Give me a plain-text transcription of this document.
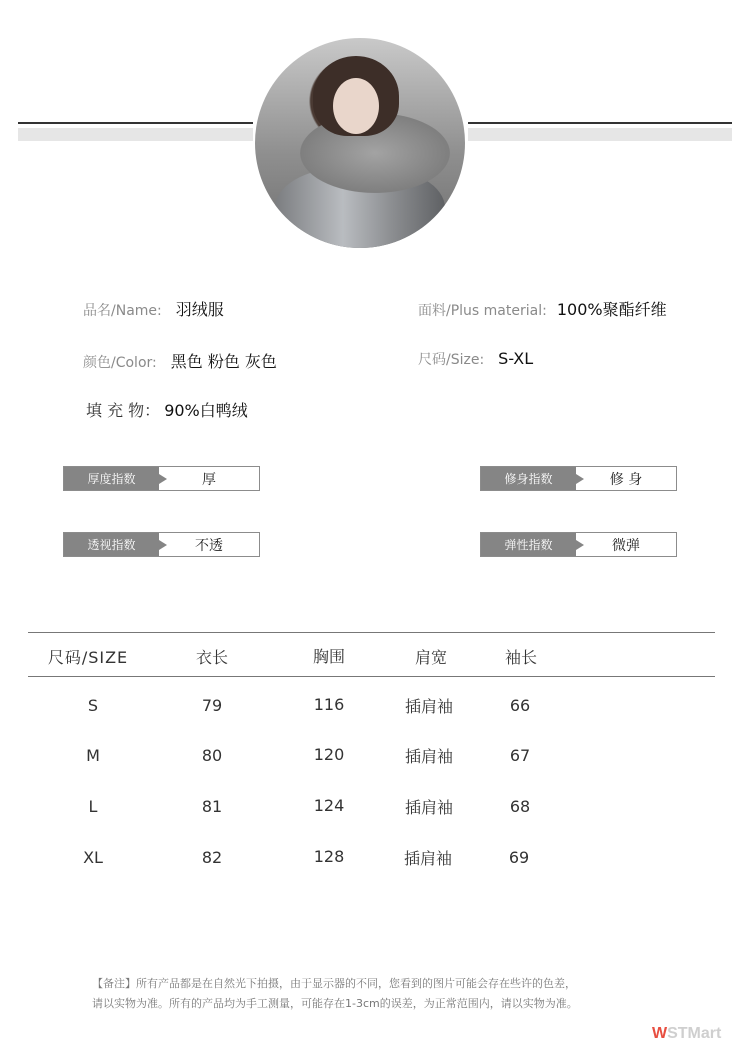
品名/Name: 羽绒服	面料/Plus material: 100%聚酯纤维
颜色/Color: 黑色 粉色 灰色	尺码/Size: S-XL
填 充 物： 90%白鸭绒
厚度指数	厚	修身指数	修 身
透视指数	不透	弹性指数	微弹
尺码/SIZE	衣长	胸围	肩宽	袖长
S	79	116	插肩袖	66
M	80	120	插肩袖	67
L	81	124	插肩袖	68
XL	82	128	插肩袖	69
【备注】所有产品都是在自然光下拍摄，由于显示器的不同，您看到的图片可能会存在些许的色差，
请以实物为准。所有的产品均为手工测量，可能存在1-3cm的误差，为正常范围内，请以实物为准。
WSTMart
